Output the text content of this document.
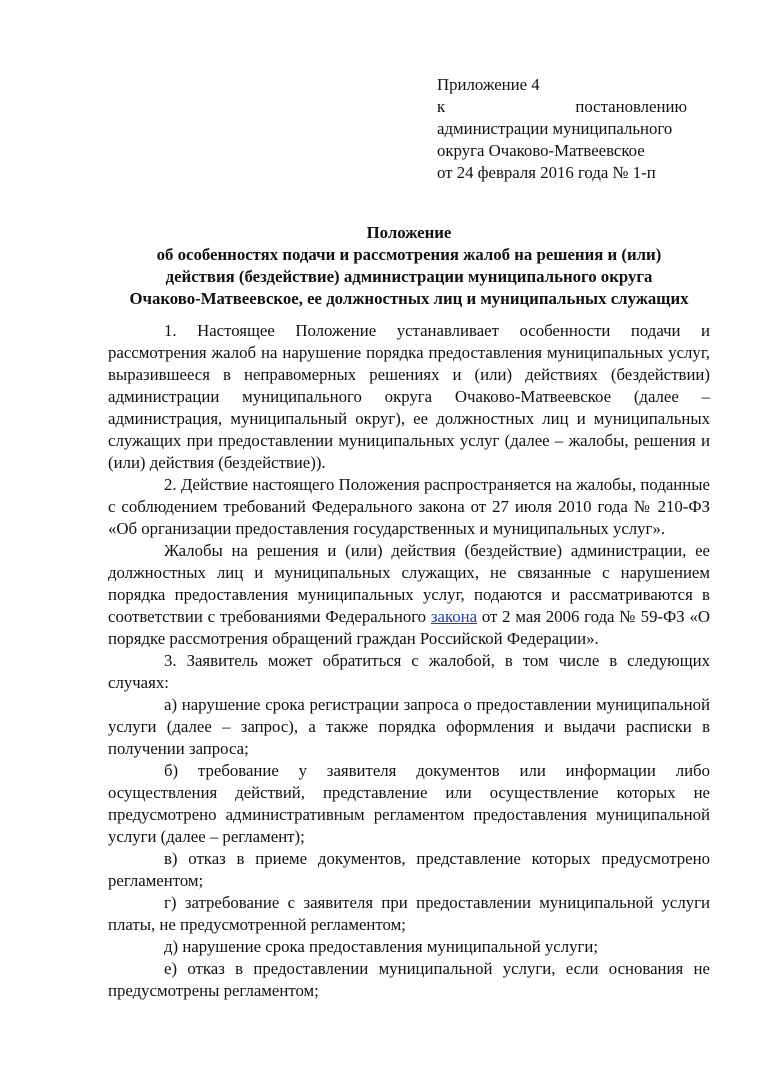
Приложение 4
к	постановлению
администрации муниципального
округа Очаково-Матвеевское
от 24 февраля 2016 года № 1-п
Положение
об особенностях подачи и рассмотрения жалоб на решения и (или)
действия (бездействие) администрации муниципального округа
Очаково-Матвеевское, ее должностных лиц и муниципальных служащих

1. Настоящее Положение устанавливает особенности подачи и рассмотрения жалоб на нарушение порядка предоставления муниципальных услуг, выразившееся в неправомерных решениях и (или) действиях (бездействии) администрации муниципального округа Очаково-Матвеевское (далее –администрация, муниципальный округ), ее должностных лиц и муниципальных служащих при предоставлении муниципальных услуг (далее – жалобы, решения и (или) действия (бездействие)).

2. Действие настоящего Положения распространяется на жалобы, поданные с соблюдением требований Федерального закона от 27 июля 2010 года № 210-ФЗ «Об организации предоставления государственных и муниципальных услуг».

Жалобы на решения и (или) действия (бездействие) администрации, ее должностных лиц и муниципальных служащих, не связанные с нарушением порядка предоставления муниципальных услуг, подаются и рассматриваются в соответствии с требованиями Федерального закона от 2 мая 2006 года № 59-ФЗ «О порядке рассмотрения обращений граждан Российской Федерации».

3. Заявитель может обратиться с жалобой, в том числе в следующих случаях:

а) нарушение срока регистрации запроса о предоставлении муниципальной услуги (далее – запрос), а также порядка оформления и выдачи расписки в получении запроса;

б) требование у заявителя документов или информации либо осуществления действий, представление или осуществление которых не предусмотрено административным регламентом предоставления муниципальной услуги (далее – регламент);

в) отказ в приеме документов, представление которых предусмотрено регламентом;

г) затребование с заявителя при предоставлении муниципальной услуги платы, не предусмотренной регламентом;

д) нарушение срока предоставления муниципальной услуги;

е) отказ в предоставлении муниципальной услуги, если основания не предусмотрены регламентом;
